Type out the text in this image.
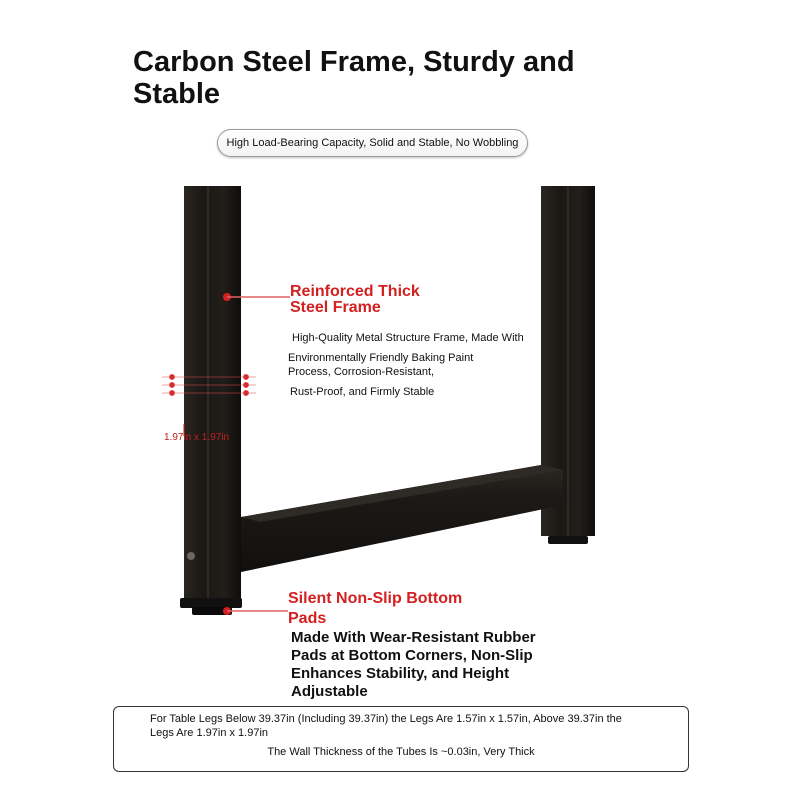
Carbon Steel Frame, Sturdy and Stable
High Load-Bearing Capacity, Solid and Stable, No Wobbling
Reinforced Thick
Steel Frame
High-Quality Metal Structure Frame, Made With
Environmentally Friendly Baking Paint
Process, Corrosion-Resistant,
Rust-Proof, and Firmly Stable
1.97in x 1.97in
Silent Non-Slip Bottom
Pads
Made With Wear-Resistant Rubber Pads at Bottom Corners, Non-Slip Enhances Stability, and Height Adjustable
For Table Legs Below 39.37in (Including 39.37in) the Legs Are 1.57in x 1.57in, Above 39.37in the Legs Are 1.97in x 1.97in
The Wall Thickness of the Tubes Is ~0.03in, Very Thick
